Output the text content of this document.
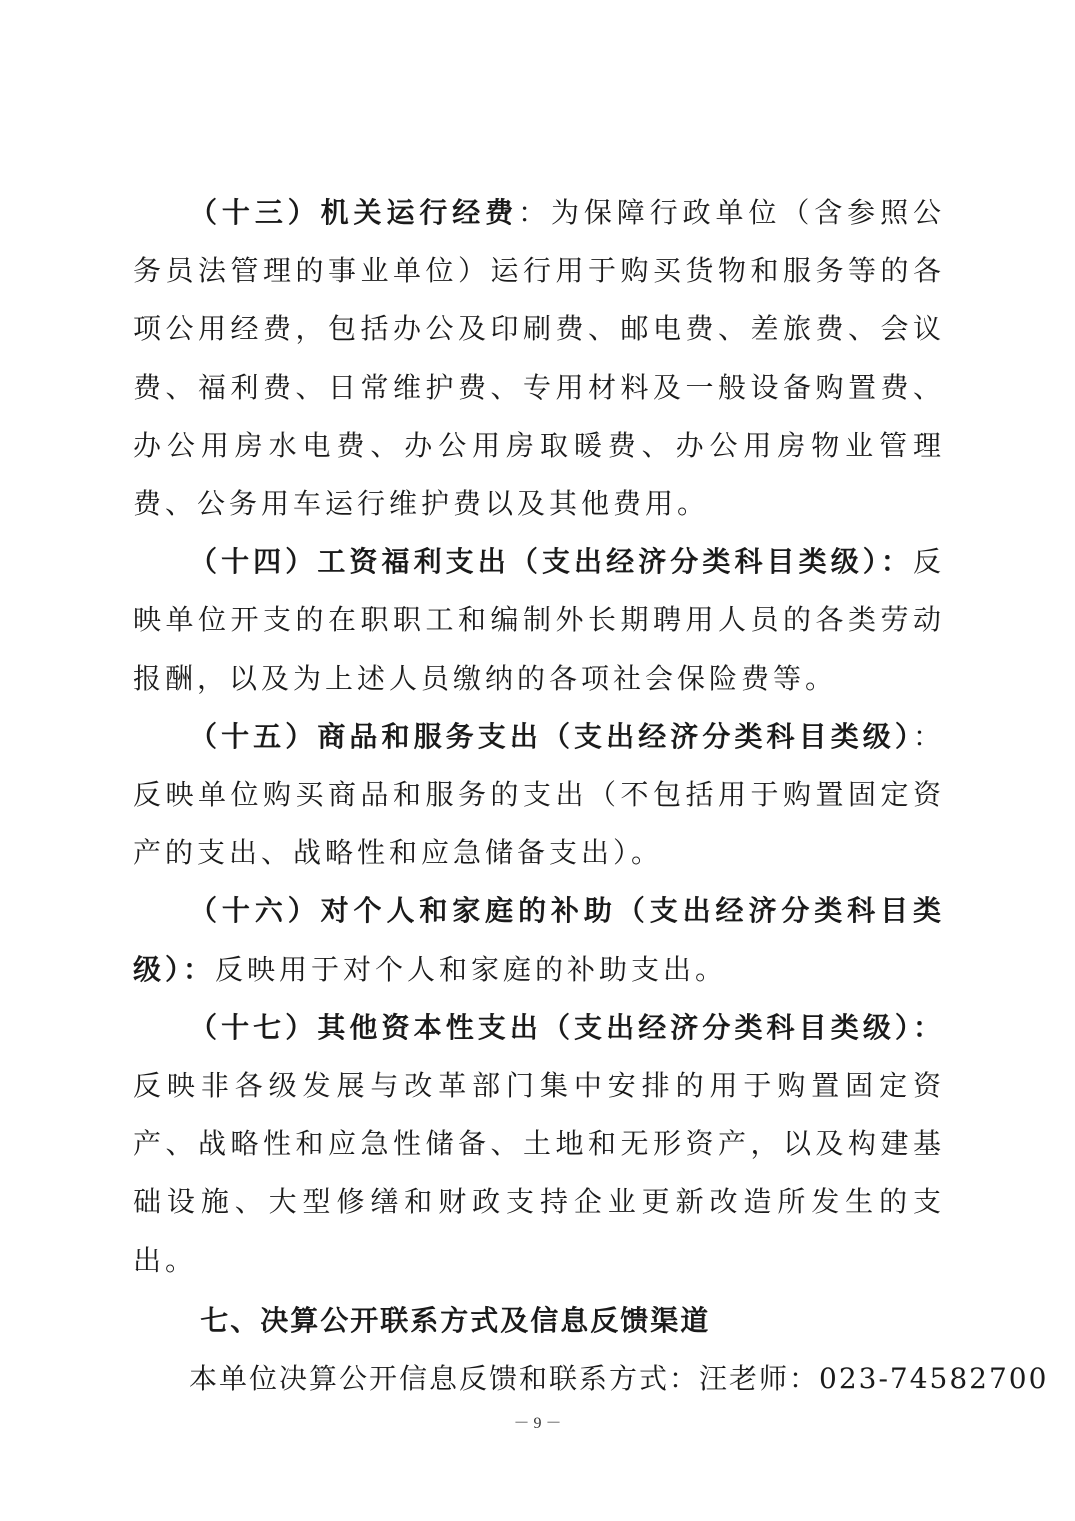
（十三）机关运行经费：为保障行政单位（含参照公务员法管理的事业单位）运行用于购买货物和服务等的各项公用经费，包括办公及印刷费、邮电费、差旅费、会议费、福利费、日常维护费、专用材料及一般设备购置费、办公用房水电费、办公用房取暖费、办公用房物业管理费、公务用车运行维护费以及其他费用。

（十四）工资福利支出（支出经济分类科目类级）：反映单位开支的在职职工和编制外长期聘用人员的各类劳动报酬，以及为上述人员缴纳的各项社会保险费等。

（十五）商品和服务支出（支出经济分类科目类级）：反映单位购买商品和服务的支出（不包括用于购置固定资产的支出、战略性和应急储备支出）。

（十六）对个人和家庭的补助（支出经济分类科目类级）：反映用于对个人和家庭的补助支出。

（十七）其他资本性支出（支出经济分类科目类级）：反映非各级发展与改革部门集中安排的用于购置固定资产、战略性和应急性储备、土地和无形资产，以及构建基础设施、大型修缮和财政支持企业更新改造所发生的支出。

七、决算公开联系方式及信息反馈渠道

本单位决算公开信息反馈和联系方式：汪老师：023-74582700

－ 9 －
